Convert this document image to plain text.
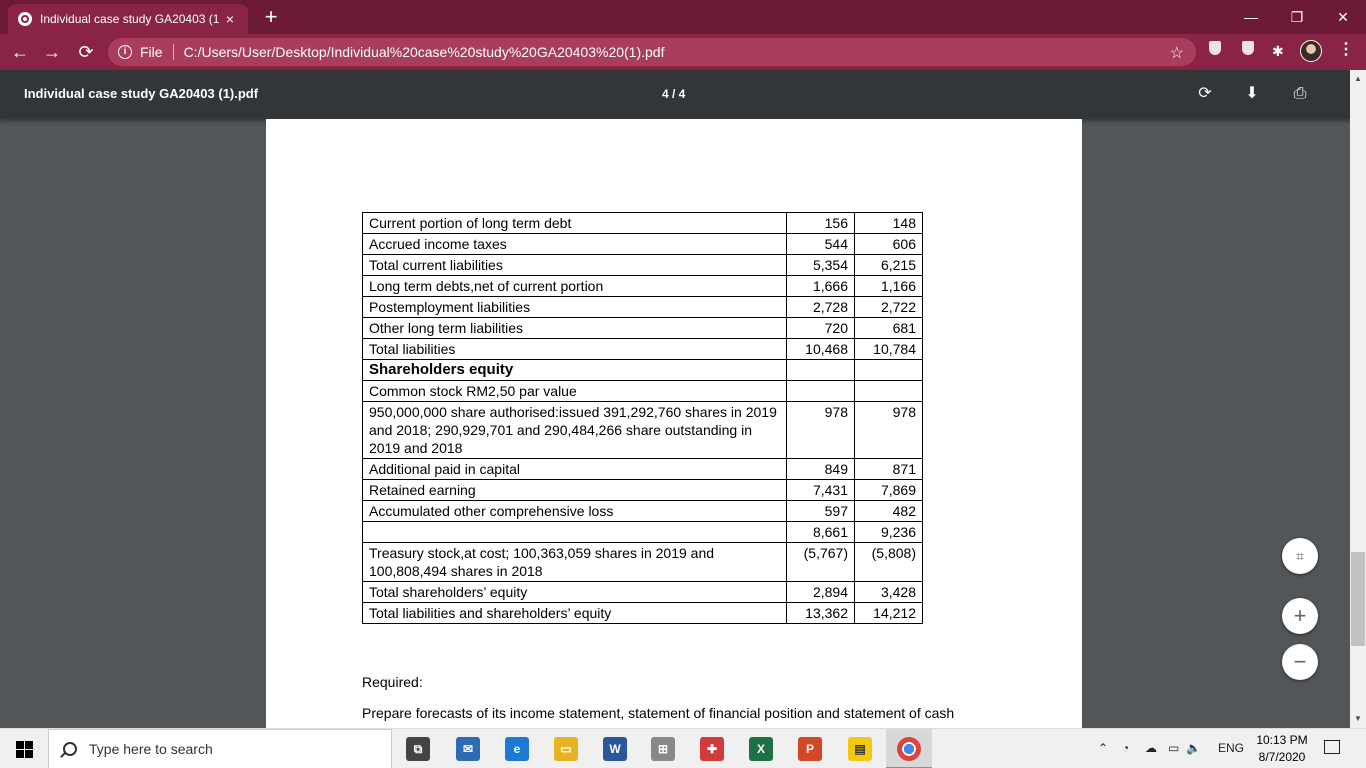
Individual case study GA20403 (1 × +	—	❐	✕
← → ⟳	i File C:/Users/User/Desktop/Individual%20case%20study%20GA20403%20(1).pdf	☆	✱	⋮
Individual case study GA20403 (1).pdf	4 / 4	⟳ ⬇ ⎙
▲
▼
Current portion of long term debt	156	148
Accrued income taxes	544	606
Total current liabilities	5,354	6,215
Long term debts,net of current portion	1,666	1,166
Postemployment liabilities	2,728	2,722
Other long term liabilities	720	681
Total liabilities	10,468	10,784
Shareholders equity		
Common stock RM2,50 par value		
950,000,000 share authorised:issued 391,292,760 shares in 2019 and 2018; 290,929,701 and 290,484,266 share outstanding in 2019 and 2018	978	978
Additional paid in capital	849	871
Retained earning	7,431	7,869
Accumulated other comprehensive loss	597	482
	8,661	9,236
Treasury stock,at cost; 100,363,059 shares in 2019 and 100,808,494 shares in 2018	(5,767)	(5,808)
Total shareholders’ equity	2,894	3,428
Total liabilities and shareholders’ equity	13,362	14,212
Required:
Prepare forecasts of its income statement, statement of financial position and statement of cash
⌗
+
−
Type here to search	⧉	✉	e	▭	W	⊞	✚	X	P	▤	⌃ ◔ ☁ ▭ 🔈 ENG
10:13 PM
8/7/2020
